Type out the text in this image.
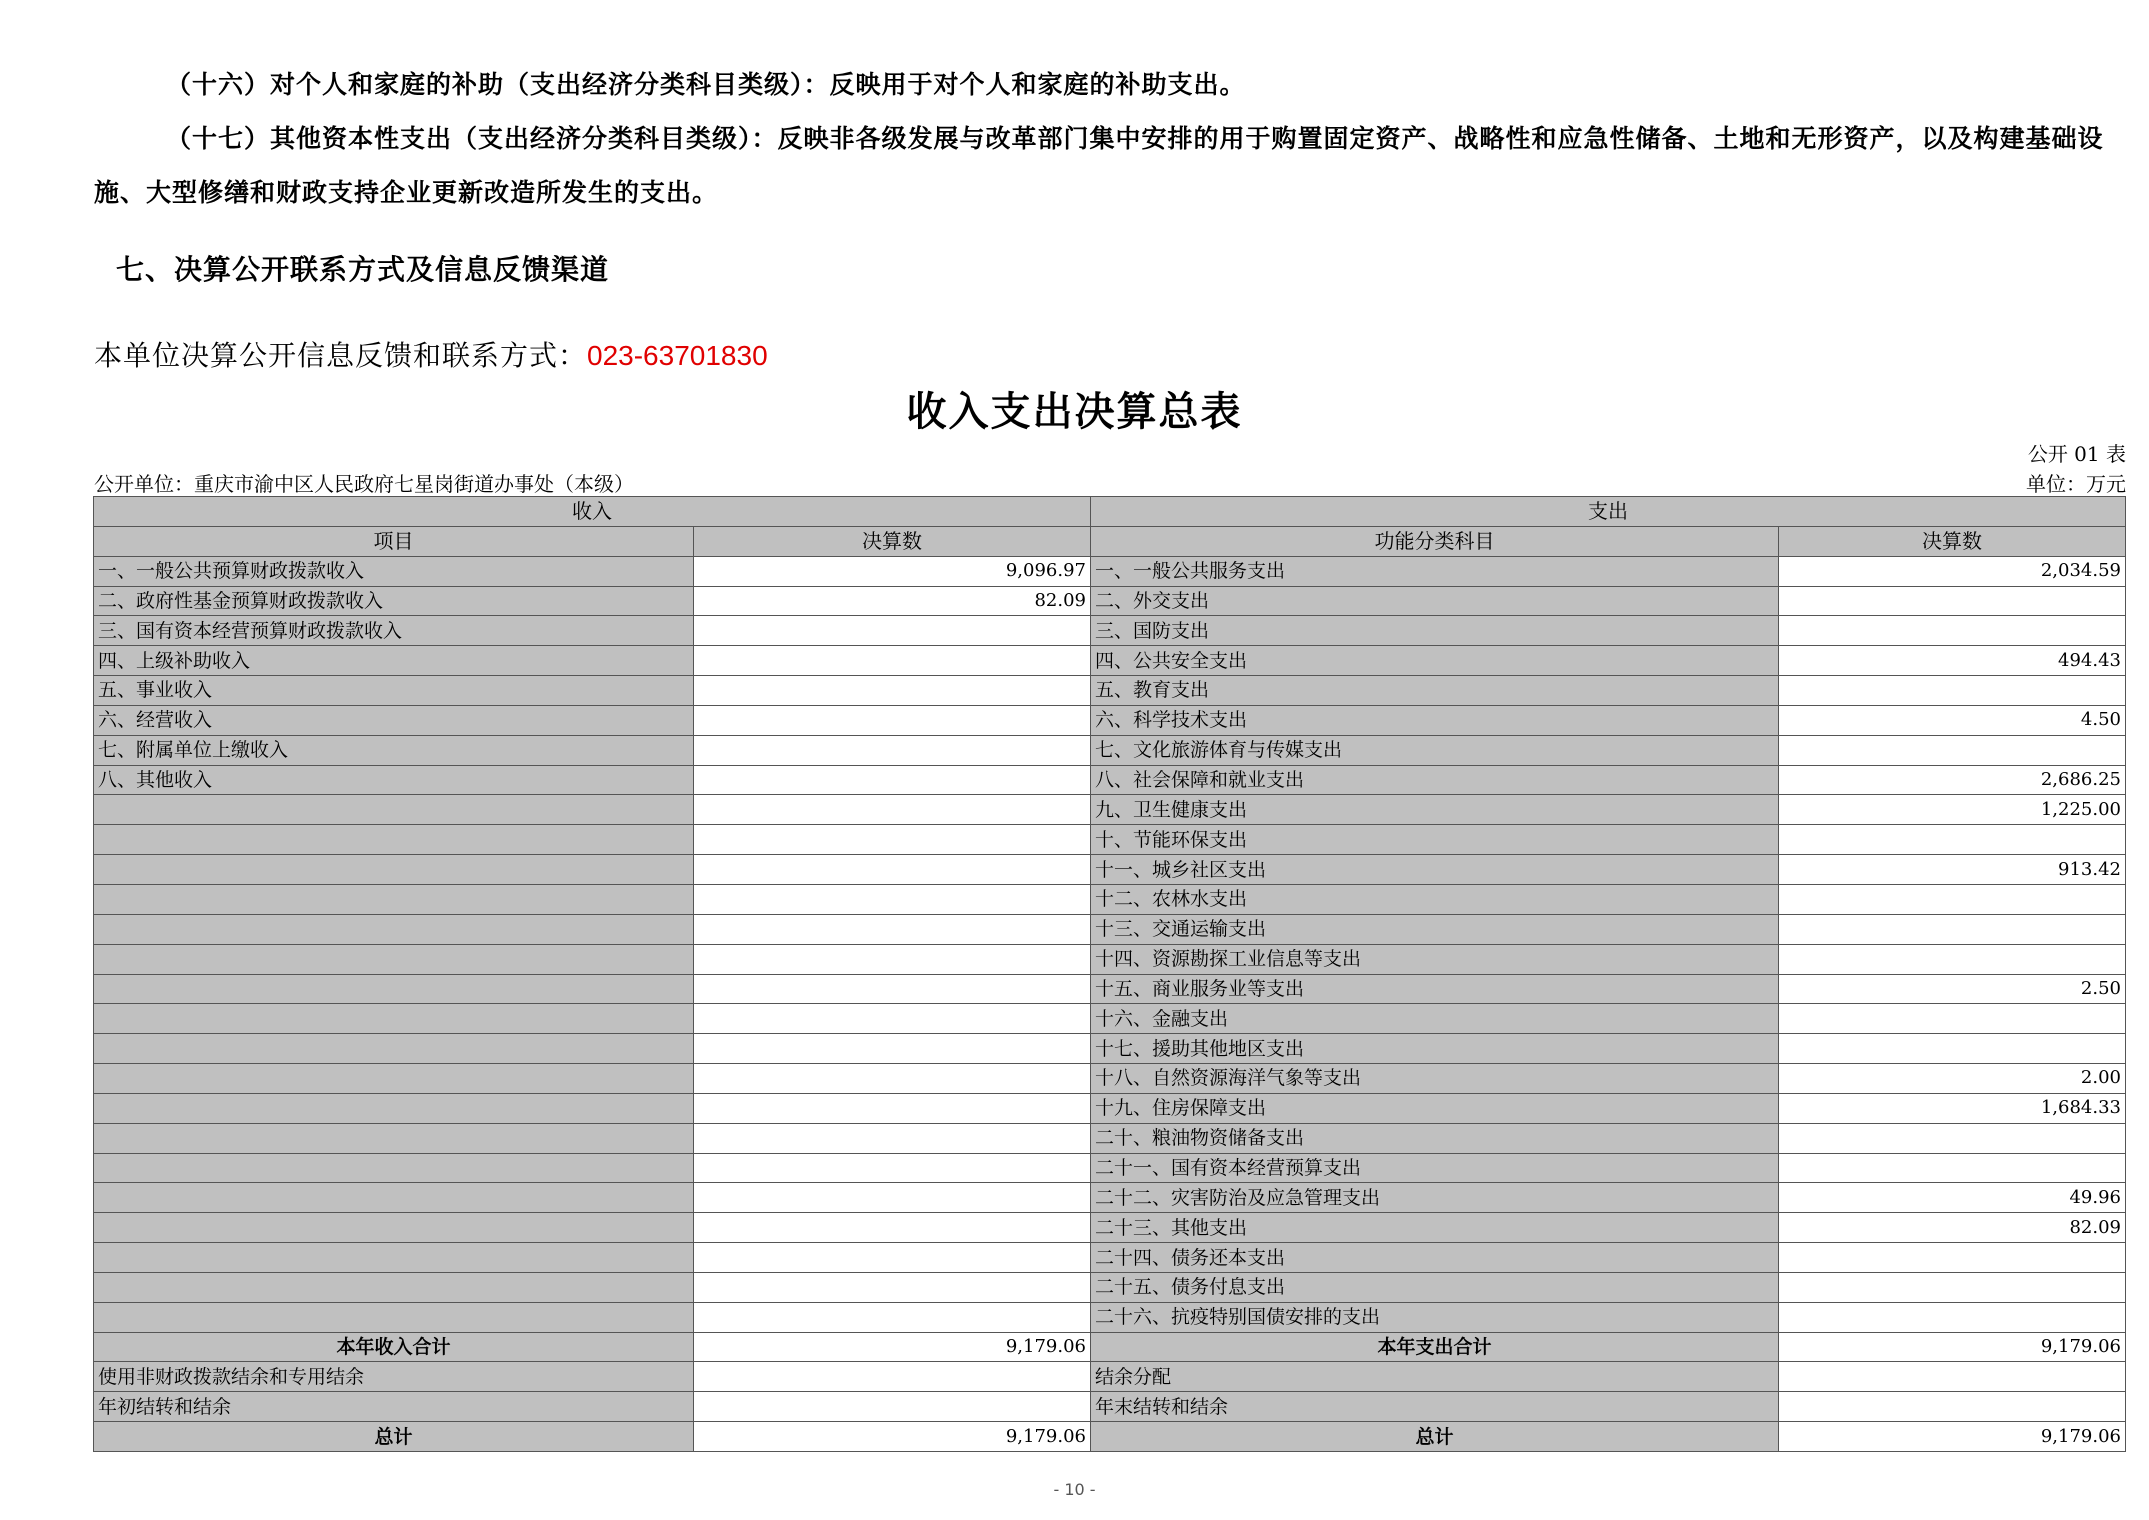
（十六）对个人和家庭的补助（支出经济分类科目类级）：反映用于对个人和家庭的补助支出。
（十七）其他资本性支出（支出经济分类科目类级）：反映非各级发展与改革部门集中安排的用于购置固定资产、战略性和应急性储备、土地和无形资产，以及构建基础设施、大型修缮和财政支持企业更新改造所发生的支出。
七、决算公开联系方式及信息反馈渠道
本单位决算公开信息反馈和联系方式：023-63701830
收入支出决算总表
公开 01 表
公开单位：重庆市渝中区人民政府七星岗街道办事处（本级）	单位：万元
收入		支出	
项目	决算数	功能分类科目	决算数
一、一般公共预算财政拨款收入	9,096.97	一、一般公共服务支出	2,034.59
二、政府性基金预算财政拨款收入	82.09	二、外交支出	
三、国有资本经营预算财政拨款收入		三、国防支出	
四、上级补助收入		四、公共安全支出	494.43
五、事业收入		五、教育支出	
六、经营收入		六、科学技术支出	4.50
七、附属单位上缴收入		七、文化旅游体育与传媒支出	
八、其他收入		八、社会保障和就业支出	2,686.25
		九、卫生健康支出	1,225.00
		十、节能环保支出	
		十一、城乡社区支出	913.42
		十二、农林水支出	
		十三、交通运输支出	
		十四、资源勘探工业信息等支出	
		十五、商业服务业等支出	2.50
		十六、金融支出	
		十七、援助其他地区支出	
		十八、自然资源海洋气象等支出	2.00
		十九、住房保障支出	1,684.33
		二十、粮油物资储备支出	
		二十一、国有资本经营预算支出	
		二十二、灾害防治及应急管理支出	49.96
		二十三、其他支出	82.09
		二十四、债务还本支出	
		二十五、债务付息支出	
		二十六、抗疫特别国债安排的支出	
本年收入合计	9,179.06	本年支出合计	9,179.06
使用非财政拨款结余和专用结余		结余分配	
年初结转和结余		年末结转和结余	
总计	9,179.06	总计	9,179.06
- 10 -
